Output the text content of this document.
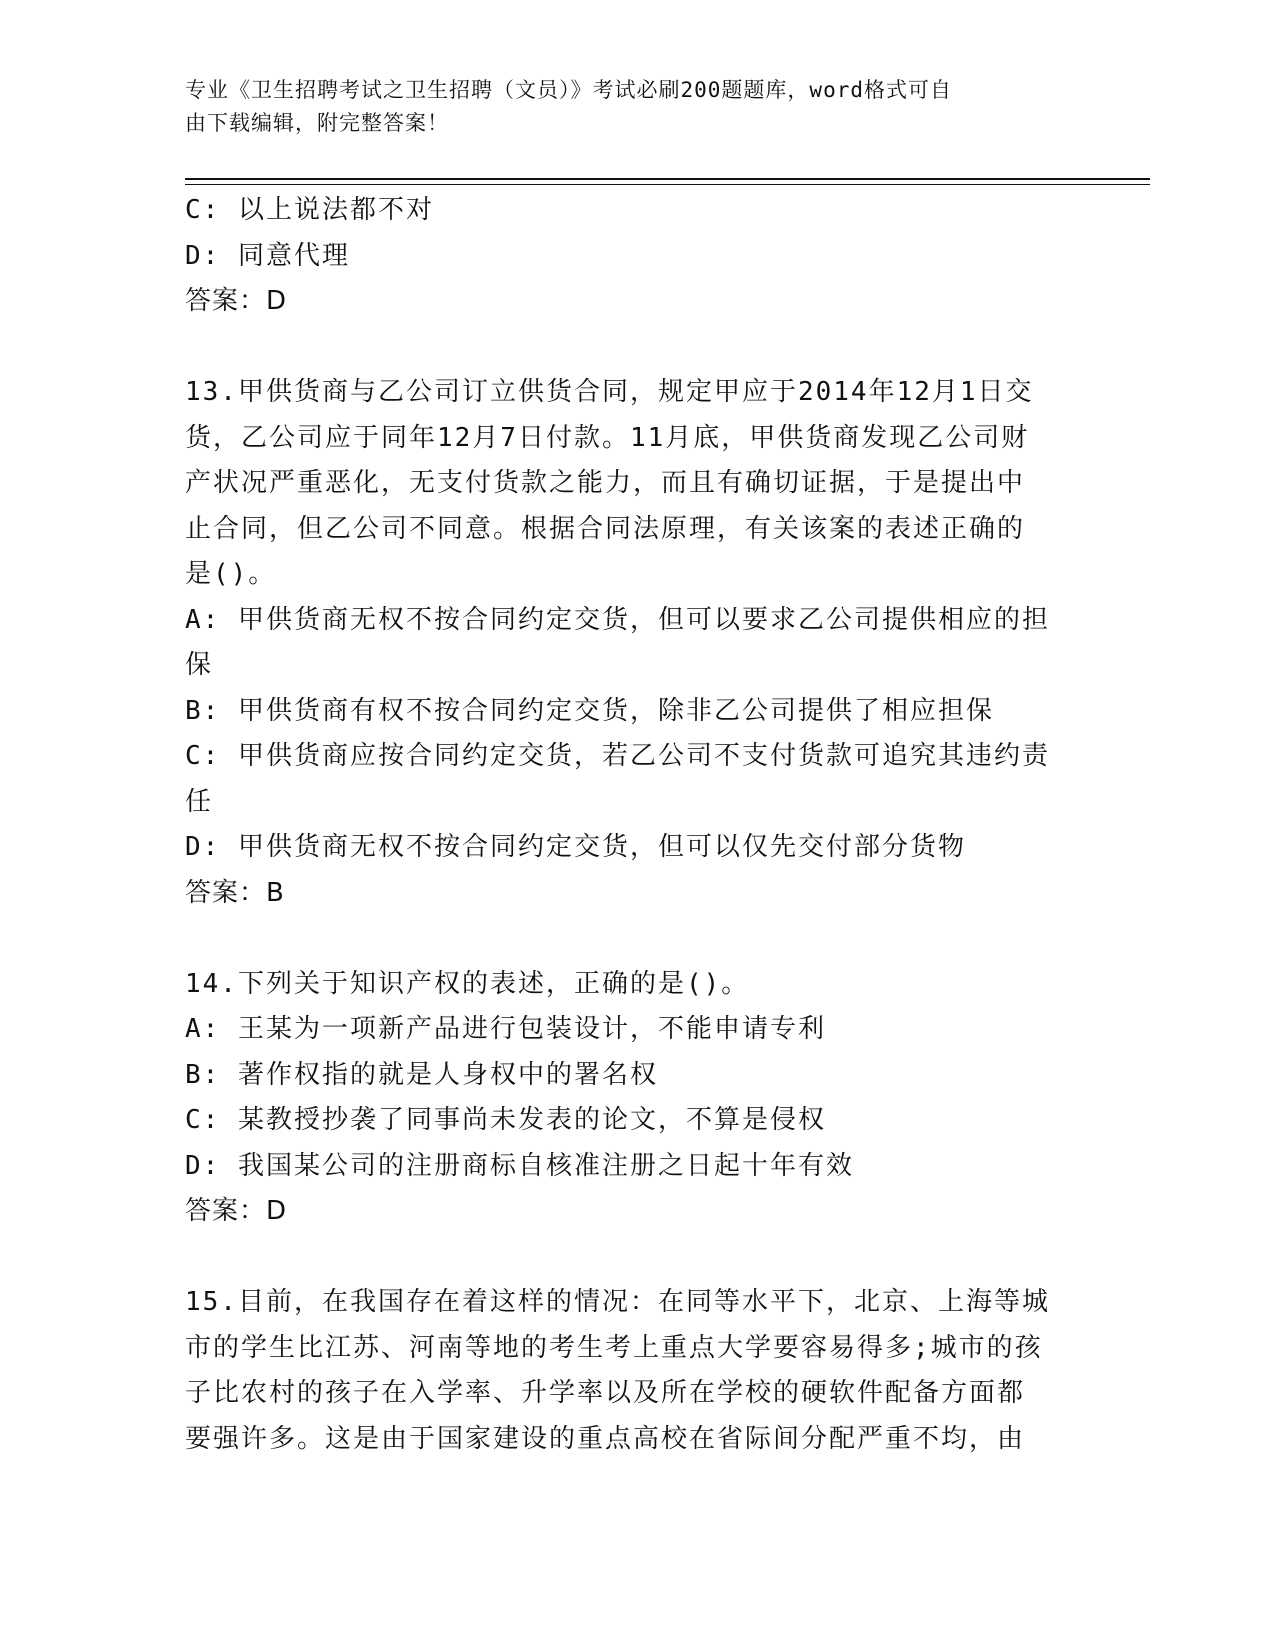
专业《卫生招聘考试之卫生招聘（文员）》考试必刷200题题库，word格式可自
由下载编辑，附完整答案！
C: 以上说法都不对
D: 同意代理
答案：D
13.甲供货商与乙公司订立供货合同，规定甲应于2014年12月1日交
货，乙公司应于同年12月7日付款。11月底，甲供货商发现乙公司财
产状况严重恶化，无支付货款之能力，而且有确切证据，于是提出中
止合同，但乙公司不同意。根据合同法原理，有关该案的表述正确的
是()。
A: 甲供货商无权不按合同约定交货，但可以要求乙公司提供相应的担
保
B: 甲供货商有权不按合同约定交货，除非乙公司提供了相应担保
C: 甲供货商应按合同约定交货，若乙公司不支付货款可追究其违约责
任
D: 甲供货商无权不按合同约定交货，但可以仅先交付部分货物
答案：B
14.下列关于知识产权的表述，正确的是()。
A: 王某为一项新产品进行包装设计，不能申请专利
B: 著作权指的就是人身权中的署名权
C: 某教授抄袭了同事尚未发表的论文，不算是侵权
D: 我国某公司的注册商标自核准注册之日起十年有效
答案：D
15.目前，在我国存在着这样的情况：在同等水平下，北京、上海等城
市的学生比江苏、河南等地的考生考上重点大学要容易得多;城市的孩
子比农村的孩子在入学率、升学率以及所在学校的硬软件配备方面都
要强许多。这是由于国家建设的重点高校在省际间分配严重不均，由
